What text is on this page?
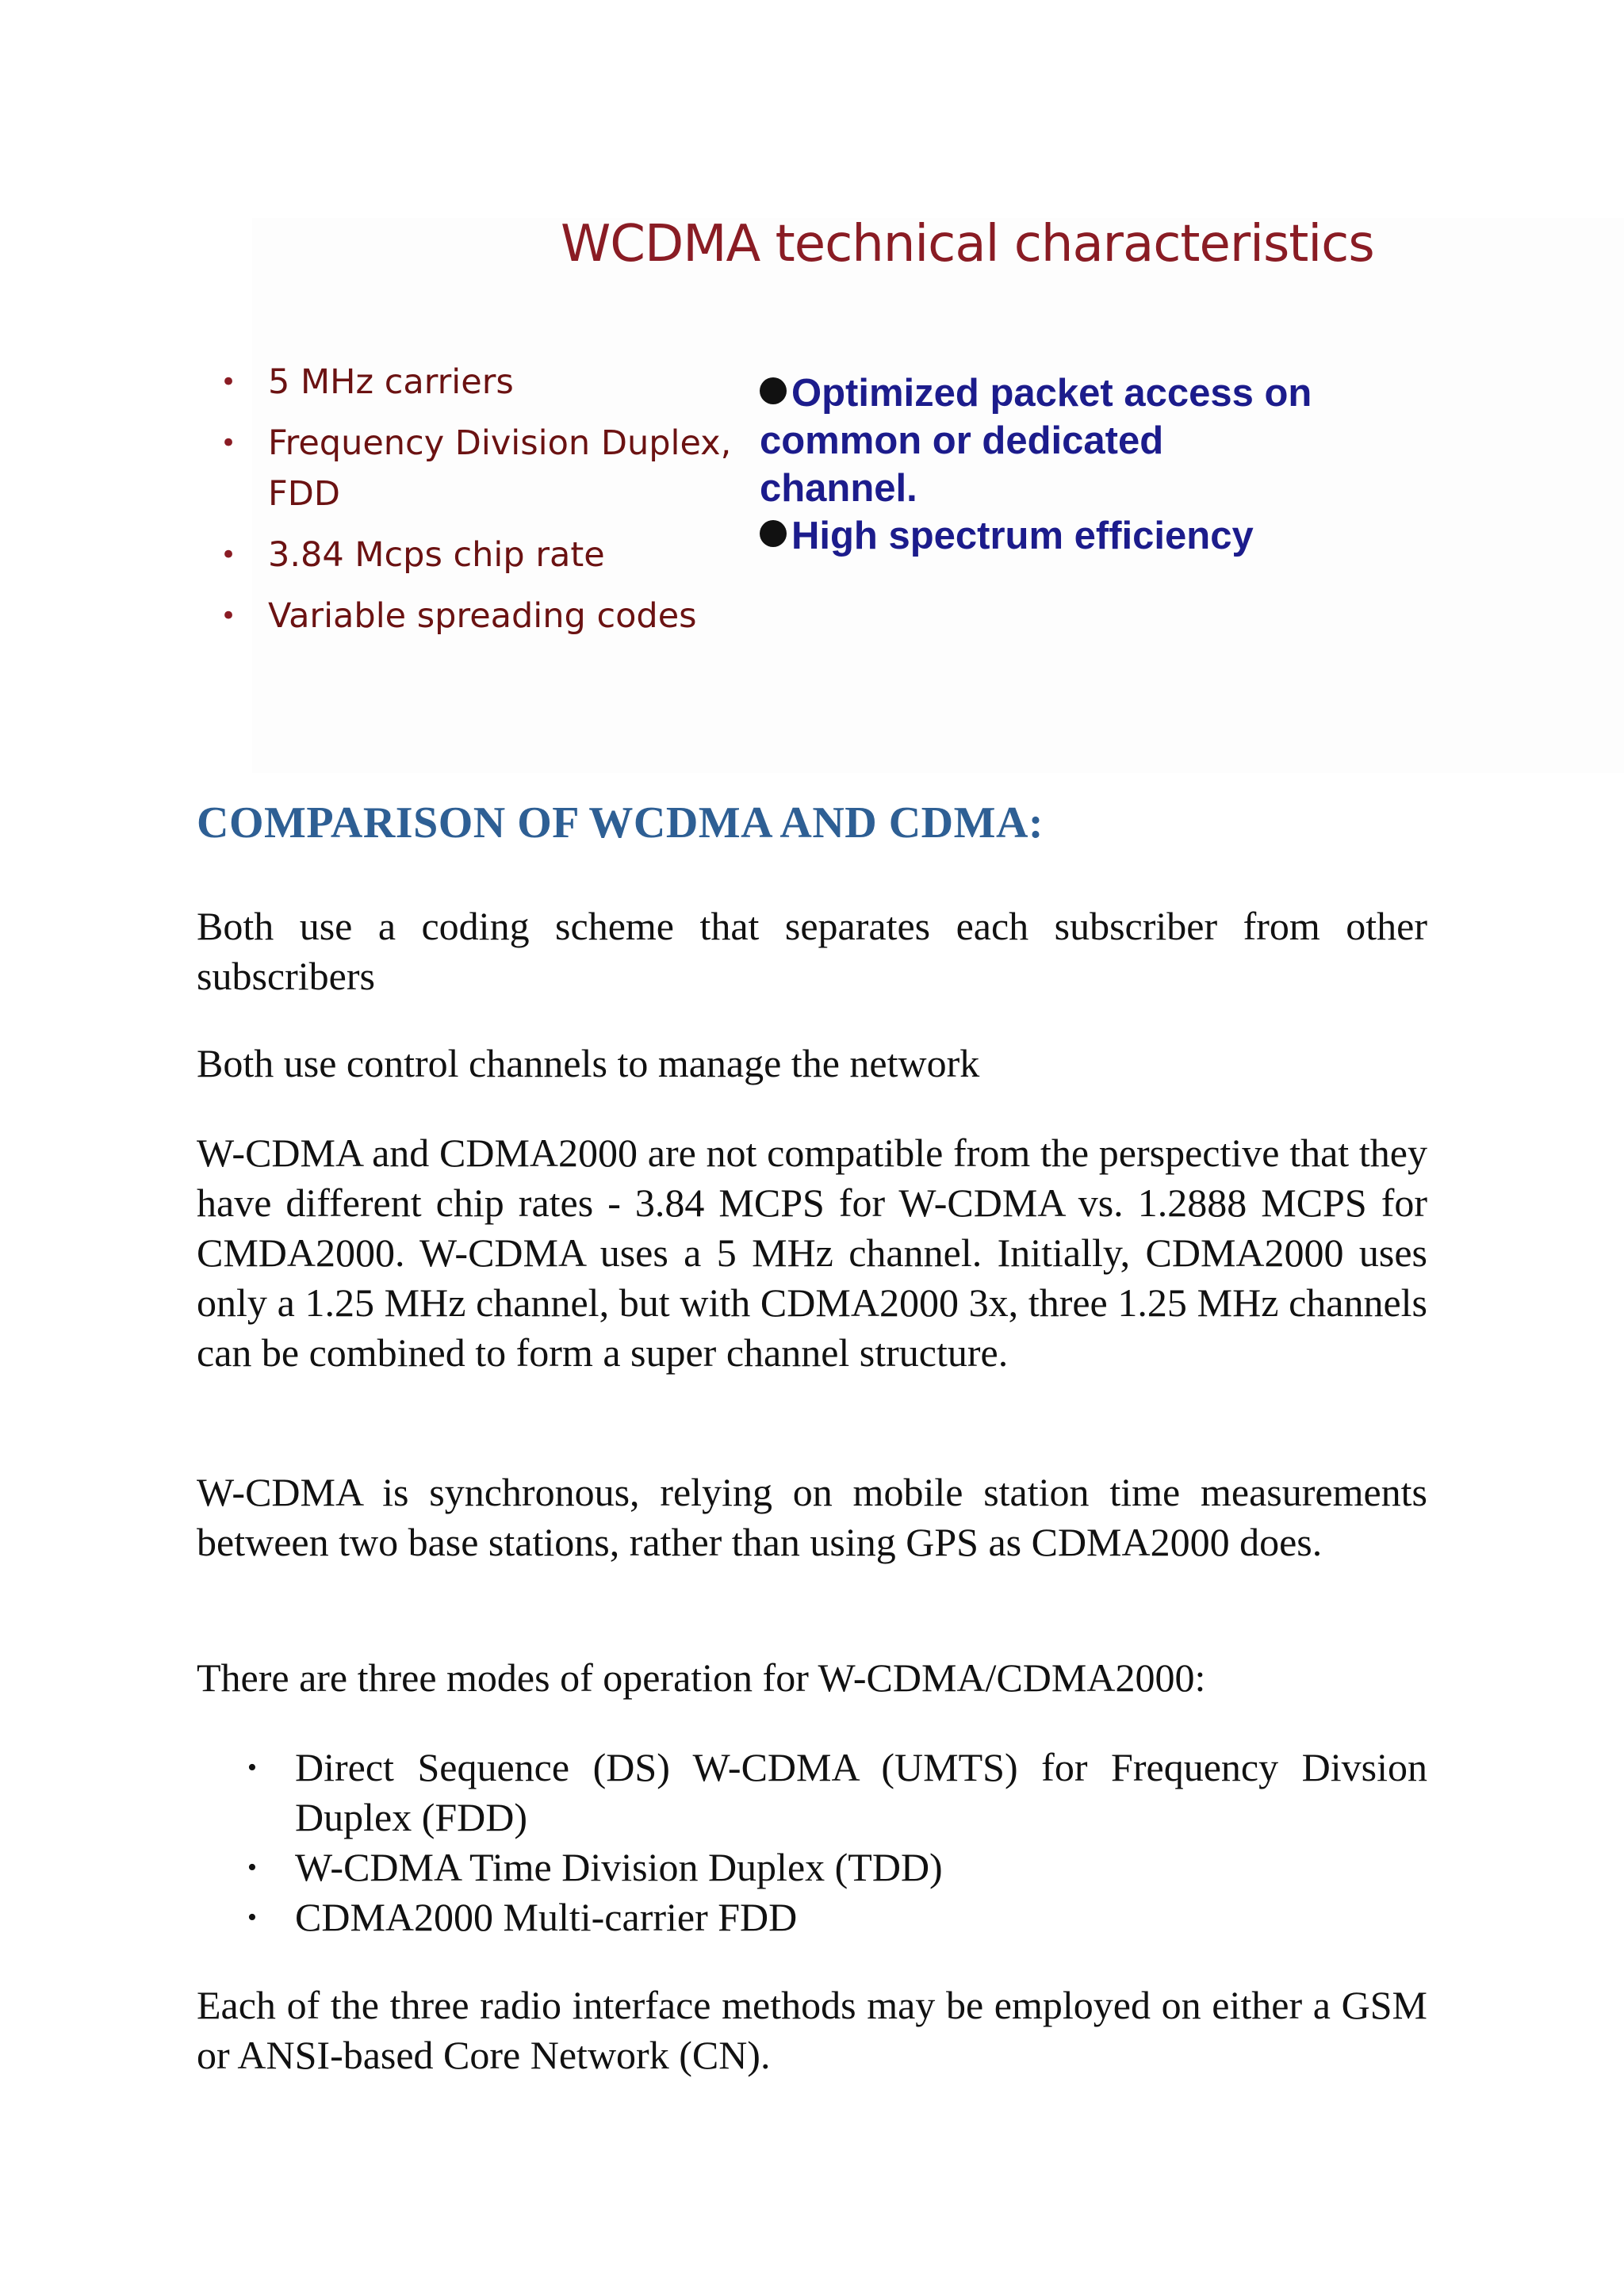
WCDMA technical characteristics
• 5 MHz carriers
• Frequency Division Duplex, FDD
• 3.84 Mcps chip rate
• Variable spreading codes
Optimized packet access on common or dedicated channel.
High spectrum efficiency
COMPARISON OF WCDMA AND CDMA:

Both use a coding scheme that separates each subscriber from other subscribers

Both use control channels to manage the network

W-CDMA and CDMA2000 are not compatible from the perspective that they have different chip rates - 3.84 MCPS for W-CDMA vs. 1.2888 MCPS for CMDA2000. W-CDMA uses a 5 MHz channel. Initially, CDMA2000 uses only a 1.25 MHz channel, but with CDMA2000 3x, three 1.25 MHz channels can be combined to form a super channel structure.

W-CDMA is synchronous, relying on mobile station time measurements between two base stations, rather than using GPS as CDMA2000 does.

There are three modes of operation for W-CDMA/CDMA2000:

• Direct Sequence (DS) W-CDMA (UMTS) for Frequency Divsion Duplex (FDD)
• W-CDMA Time Division Duplex (TDD)
• CDMA2000 Multi-carrier FDD

Each of the three radio interface methods may be employed on either a GSM or ANSI-based Core Network (CN).
